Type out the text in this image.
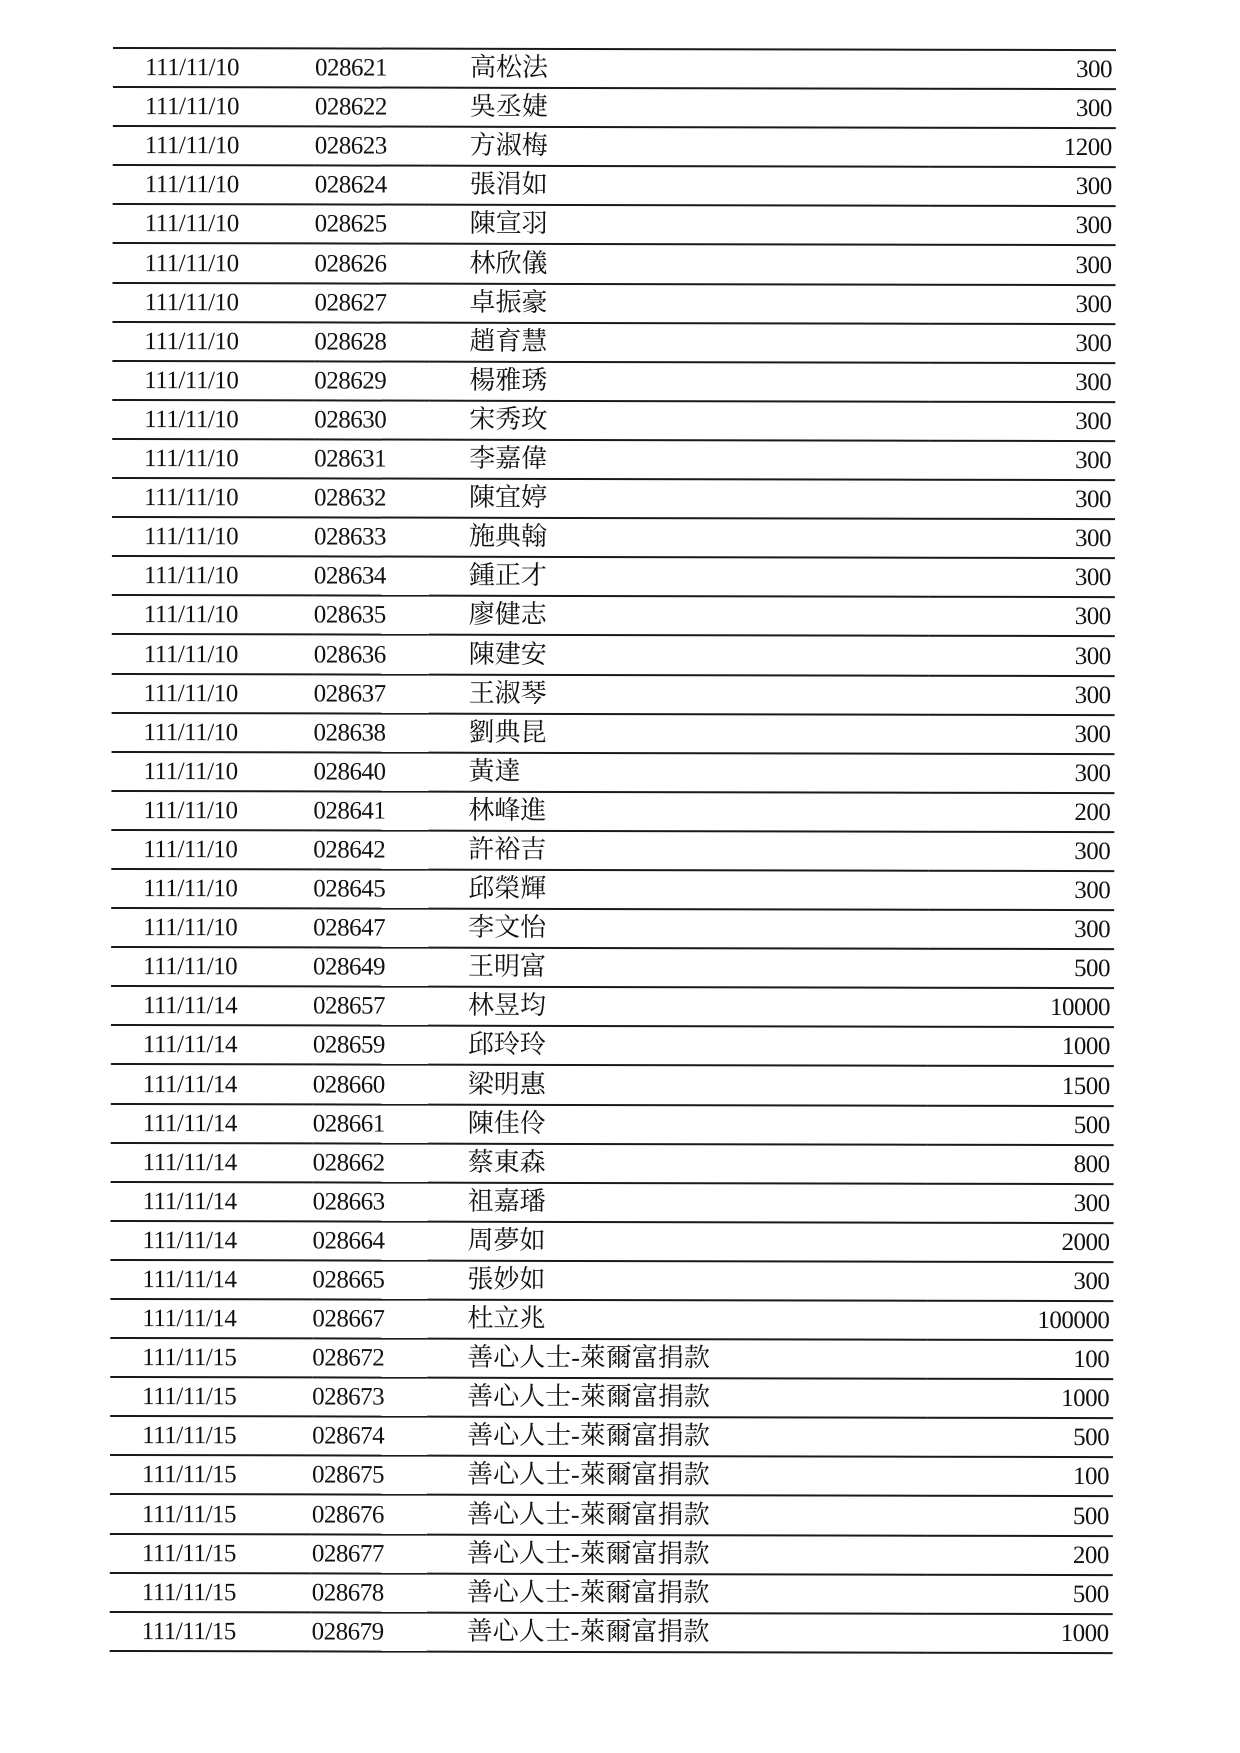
111/11/10	028621	高松法	300
111/11/10	028622	吳丞婕	300
111/11/10	028623	方淑梅	1200
111/11/10	028624	張涓如	300
111/11/10	028625	陳宣羽	300
111/11/10	028626	林欣儀	300
111/11/10	028627	卓振豪	300
111/11/10	028628	趙育慧	300
111/11/10	028629	楊雅琇	300
111/11/10	028630	宋秀玫	300
111/11/10	028631	李嘉偉	300
111/11/10	028632	陳宜婷	300
111/11/10	028633	施典翰	300
111/11/10	028634	鍾正才	300
111/11/10	028635	廖健志	300
111/11/10	028636	陳建安	300
111/11/10	028637	王淑琴	300
111/11/10	028638	劉典昆	300
111/11/10	028640	黃達	300
111/11/10	028641	林峰進	200
111/11/10	028642	許裕吉	300
111/11/10	028645	邱榮輝	300
111/11/10	028647	李文怡	300
111/11/10	028649	王明富	500
111/11/14	028657	林昱均	10000
111/11/14	028659	邱玲玲	1000
111/11/14	028660	梁明惠	1500
111/11/14	028661	陳佳伶	500
111/11/14	028662	蔡東森	800
111/11/14	028663	祖嘉璠	300
111/11/14	028664	周夢如	2000
111/11/14	028665	張妙如	300
111/11/14	028667	杜立兆	100000
111/11/15	028672	善心人士-萊爾富捐款	100
111/11/15	028673	善心人士-萊爾富捐款	1000
111/11/15	028674	善心人士-萊爾富捐款	500
111/11/15	028675	善心人士-萊爾富捐款	100
111/11/15	028676	善心人士-萊爾富捐款	500
111/11/15	028677	善心人士-萊爾富捐款	200
111/11/15	028678	善心人士-萊爾富捐款	500
111/11/15	028679	善心人士-萊爾富捐款	1000
